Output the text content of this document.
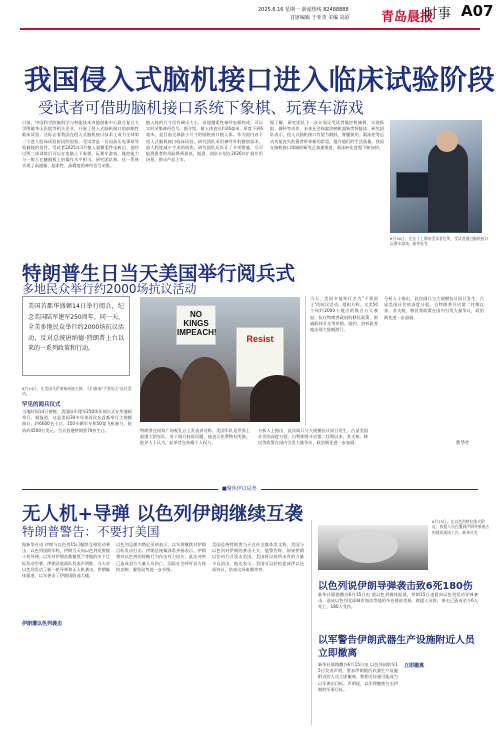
2025.6.16 星期一 新闻热线 82488888
首席编辑 于亚青 美编 高原 青岛晨报
时事 A07
我国侵入式脑机接口进入临床试验阶段
受试者可借助脑机接口系统下象棋、玩赛车游戏
日前，中国科学院脑科学与智能技术卓越创新中心联合复旦大学附属华山医院等相关企业，开展了侵入式脑机接口的前瞻性临床试验。这标志着我国在侵入式脑机接口技术上成为全球第二个进入临床试验阶段的国家。受试者是一位因高压电事故导致截肢的男性。受试者2025年3月植入超微柔性电极后，他经过两三周训练后可以在电脑上下象棋、玩赛车游戏，操控能力与一般人在触摸板上的操作水平相当。研究团队称，这一系统实现了高通量、超柔性、高精度的神经信号采集。
植入体的尺寸仅有硬币大小，由超微柔性神经电极构成，可以实时采集神经信号。据介绍，植入体直径约26毫米，厚度不到6毫米，是目前全球最小尺寸的脑机接口植入体。作为国内首个侵入式脑机接口临床试验，研究团队采用神经外科微创技术，最大程度减少手术的创伤。研究团队还设计了多项措施，尽可能将患者的风险降到最低。据悉，团队计划在2026年扩展应用场景，推动产品上市。
据了解，研究团队下一步计划让受试者操控机械臂，实现抓取、握杯等动作，未来还会探索控制机器狗等智能体。研究团队表示，侵入式脑机接口有望为截肢、脊髓损伤、渐冻症等运动功能丧失的患者带来新的希望，提升他们的生活质量。我国在脑机接口领域的研究正加速推进，临床转化进程不断加快。
6月30日，在位于上海的受试者住所，受试者通过脑机接口玩赛车游戏。新华社发
特朗普生日当天美国举行阅兵式
多地民众举行约2000场抗议活动

美国首都华盛顿14日举行阅兵，纪念美国陆军建军250周年。同一天，全美多地民众举行约2000场抗议活动，反对总统唐纳德·特朗普上台以来的一系列政策和行动。

NO KINGS IMPEACH!
Resist
6月14日，在美国马萨诸塞州波士顿，人们参加"不要国王"抗议活动。
罕见的阅兵仪式
当地时间14日傍晚，美国陆军建军250周年阅兵式在华盛顿举行。据报道，这是美国30多年来首次在首都举行大规模阅兵，约6600名士兵、150多辆军车和50架飞机参与，耗资约4500万美元。当天恰逢特朗普79岁生日。	特朗普在国家广场观礼台上发表讲话称，美国军队是世界上最强大的军队。对于阅兵耗资问题，他表示花费物有所值。批评人士认为，此举旨在炫耀个人权力。
分析人士指出，此次阅兵与大规模抗议同日发生，凸显美国社会的深度分裂。自特朗普开启第二任期以来，其关税、移民等政策在国内引发大量争议，政治极化进一步加剧。
当天，美国多地举行名为"不要国王"的抗议活动。组织方称，全美50个州约2000个地点的数百万人参加，抗议特朗普政府的移民政策、削减联邦开支等举措。纽约、洛杉矶等地出现大规模游行。
分析人士指出，此次阅兵与大规模抗议同日发生，凸显美国社会的深度分裂。自特朗普开启第二任期以来，其关税、移民等政策在国内引发大量争议，政治极化进一步加剧。
新华社
■聚焦伊以局势
无人机+导弹 以色列伊朗继续互袭
特朗普警告：不要打美国
据新华社电 伊朗与以色列15日继续互相发动袭击。以色列国防军称，伊朗当天向以色列发射数十枚导弹，以军对伊朗首都德黑兰等地的多个目标发动空袭。伊朗武装部队发表声明称，当天对以色列发动了新一轮导弹和无人机袭击。伊朗媒体报道，以军袭击了伊朗国防部大楼。
伊朗遭以色列袭击
以色列总理内塔尼亚胡表示，以军将继续对伊朗目标发动打击。伊朗总统佩泽希齐扬表示，伊朗将对以色列的侵略行为作出有力回应。此次冲突已造成双方大量人员伤亡。国际社会呼吁双方保持克制，避免局势进一步升级。
美国总统特朗普当天在社交媒体发文称，美国与以色列对伊朗的袭击无关。他警告称，如果伊朗以任何方式攻击美国，美国将以前所未有的力量予以回击。他还表示，美国可以轻松促成伊以达成协议，结束这场血腥冲突。
6月15日，在以色列特拉维夫附近，救援人员在遭到伊朗导弹袭击的建筑现场工作。新华社发
以色列说伊朗导弹袭击致6死180伤
新华社耶路撒冷6月15日电 据以色列媒体报道，伊朗15日凌晨向以色列发动导弹袭击，造成以色列北部城市海法等地的多处建筑受损。救援人员称，袭击已造成至少6人死亡、180人受伤。
以军警告伊朗武器生产设施附近人员立即撤离
新华社耶路撒冷6月15日电 以色列国防军15日发表声明，要求伊朗境内武器生产设施附近的人员立即撤离，称相关设施可能成为以军袭击目标。声明说，以军将继续打击伊朗的军事目标。
立即撤离
